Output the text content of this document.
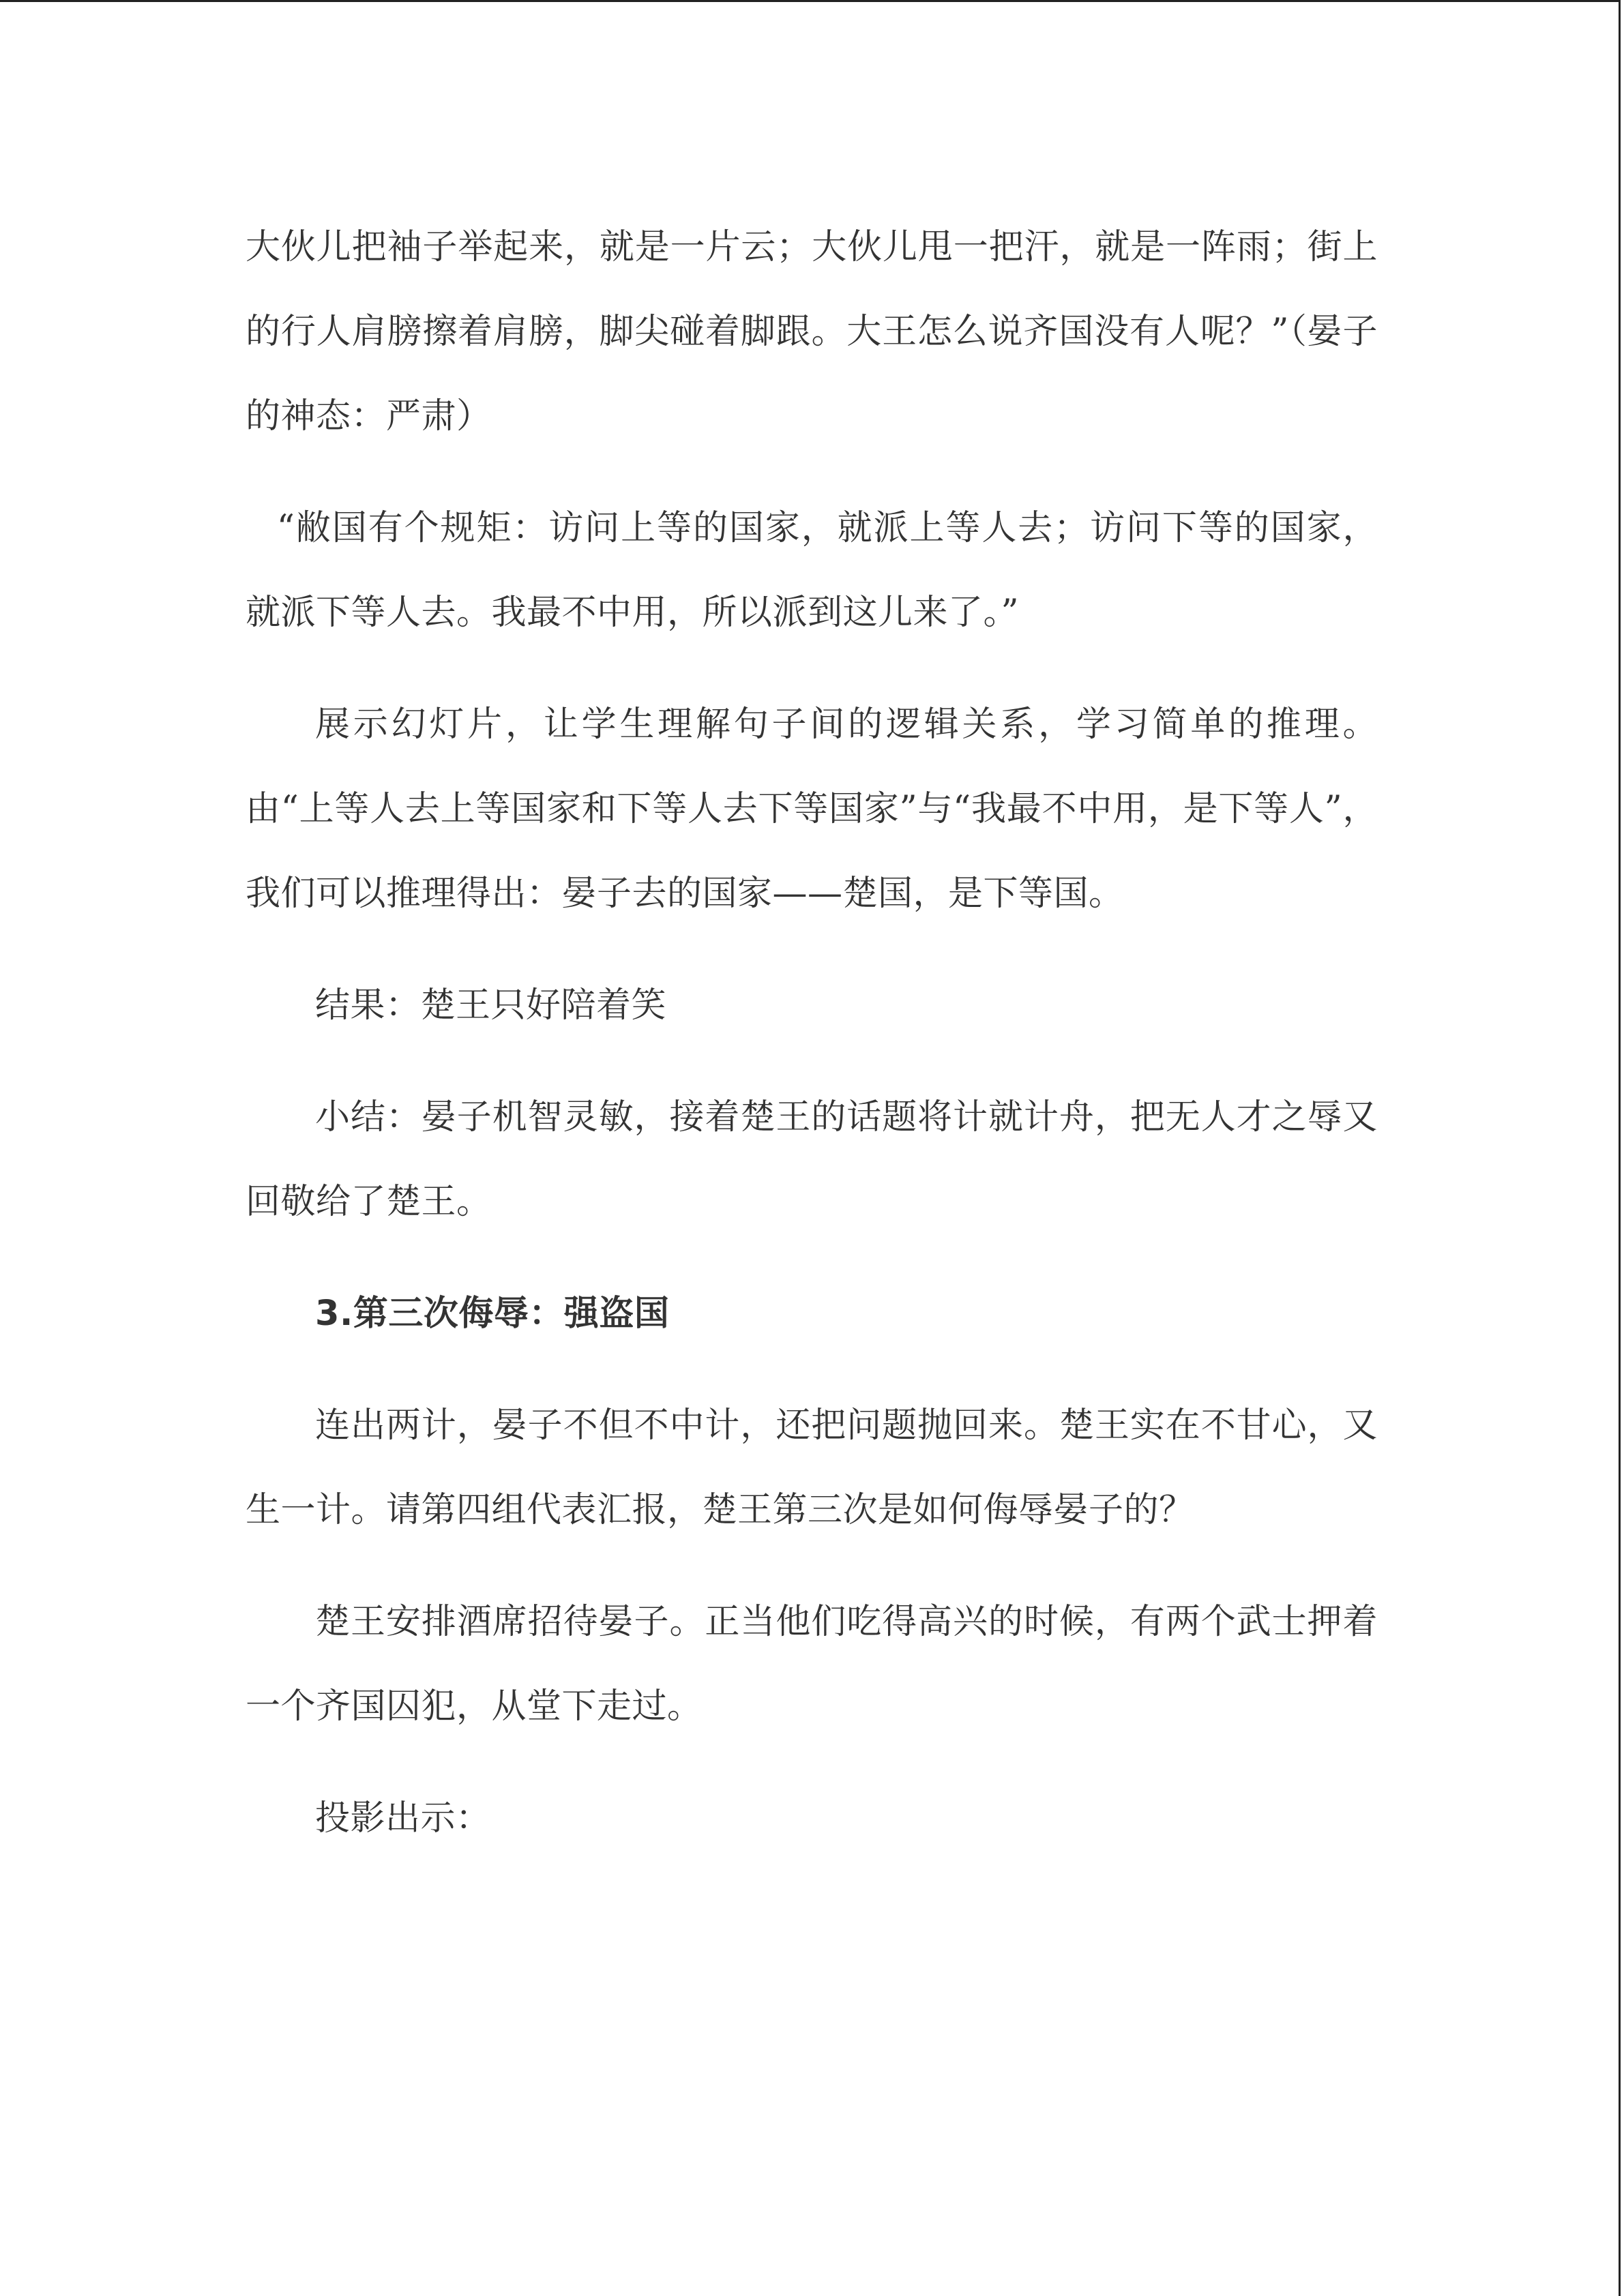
大伙儿把袖子举起来，就是一片云；大伙儿甩一把汗，就是一阵雨；街上的行人肩膀擦着肩膀，脚尖碰着脚跟。大王怎么说齐国没有人呢？”（晏子的神态：严肃）

“敝国有个规矩：访问上等的国家，就派上等人去；访问下等的国家，就派下等人去。我最不中用，所以派到这儿来了。”

展示幻灯片，让学生理解句子间的逻辑关系，学习简单的推理。由“上等人去上等国家和下等人去下等国家”与“我最不中用，是下等人”，我们可以推理得出：晏子去的国家——楚国，是下等国。

结果：楚王只好陪着笑

小结：晏子机智灵敏，接着楚王的话题将计就计舟，把无人才之辱又回敬给了楚王。

3.第三次侮辱：强盗国

连出两计，晏子不但不中计，还把问题抛回来。楚王实在不甘心，又生一计。请第四组代表汇报，楚王第三次是如何侮辱晏子的？

楚王安排酒席招待晏子。正当他们吃得高兴的时候，有两个武士押着一个齐国囚犯，从堂下走过。

投影出示：
